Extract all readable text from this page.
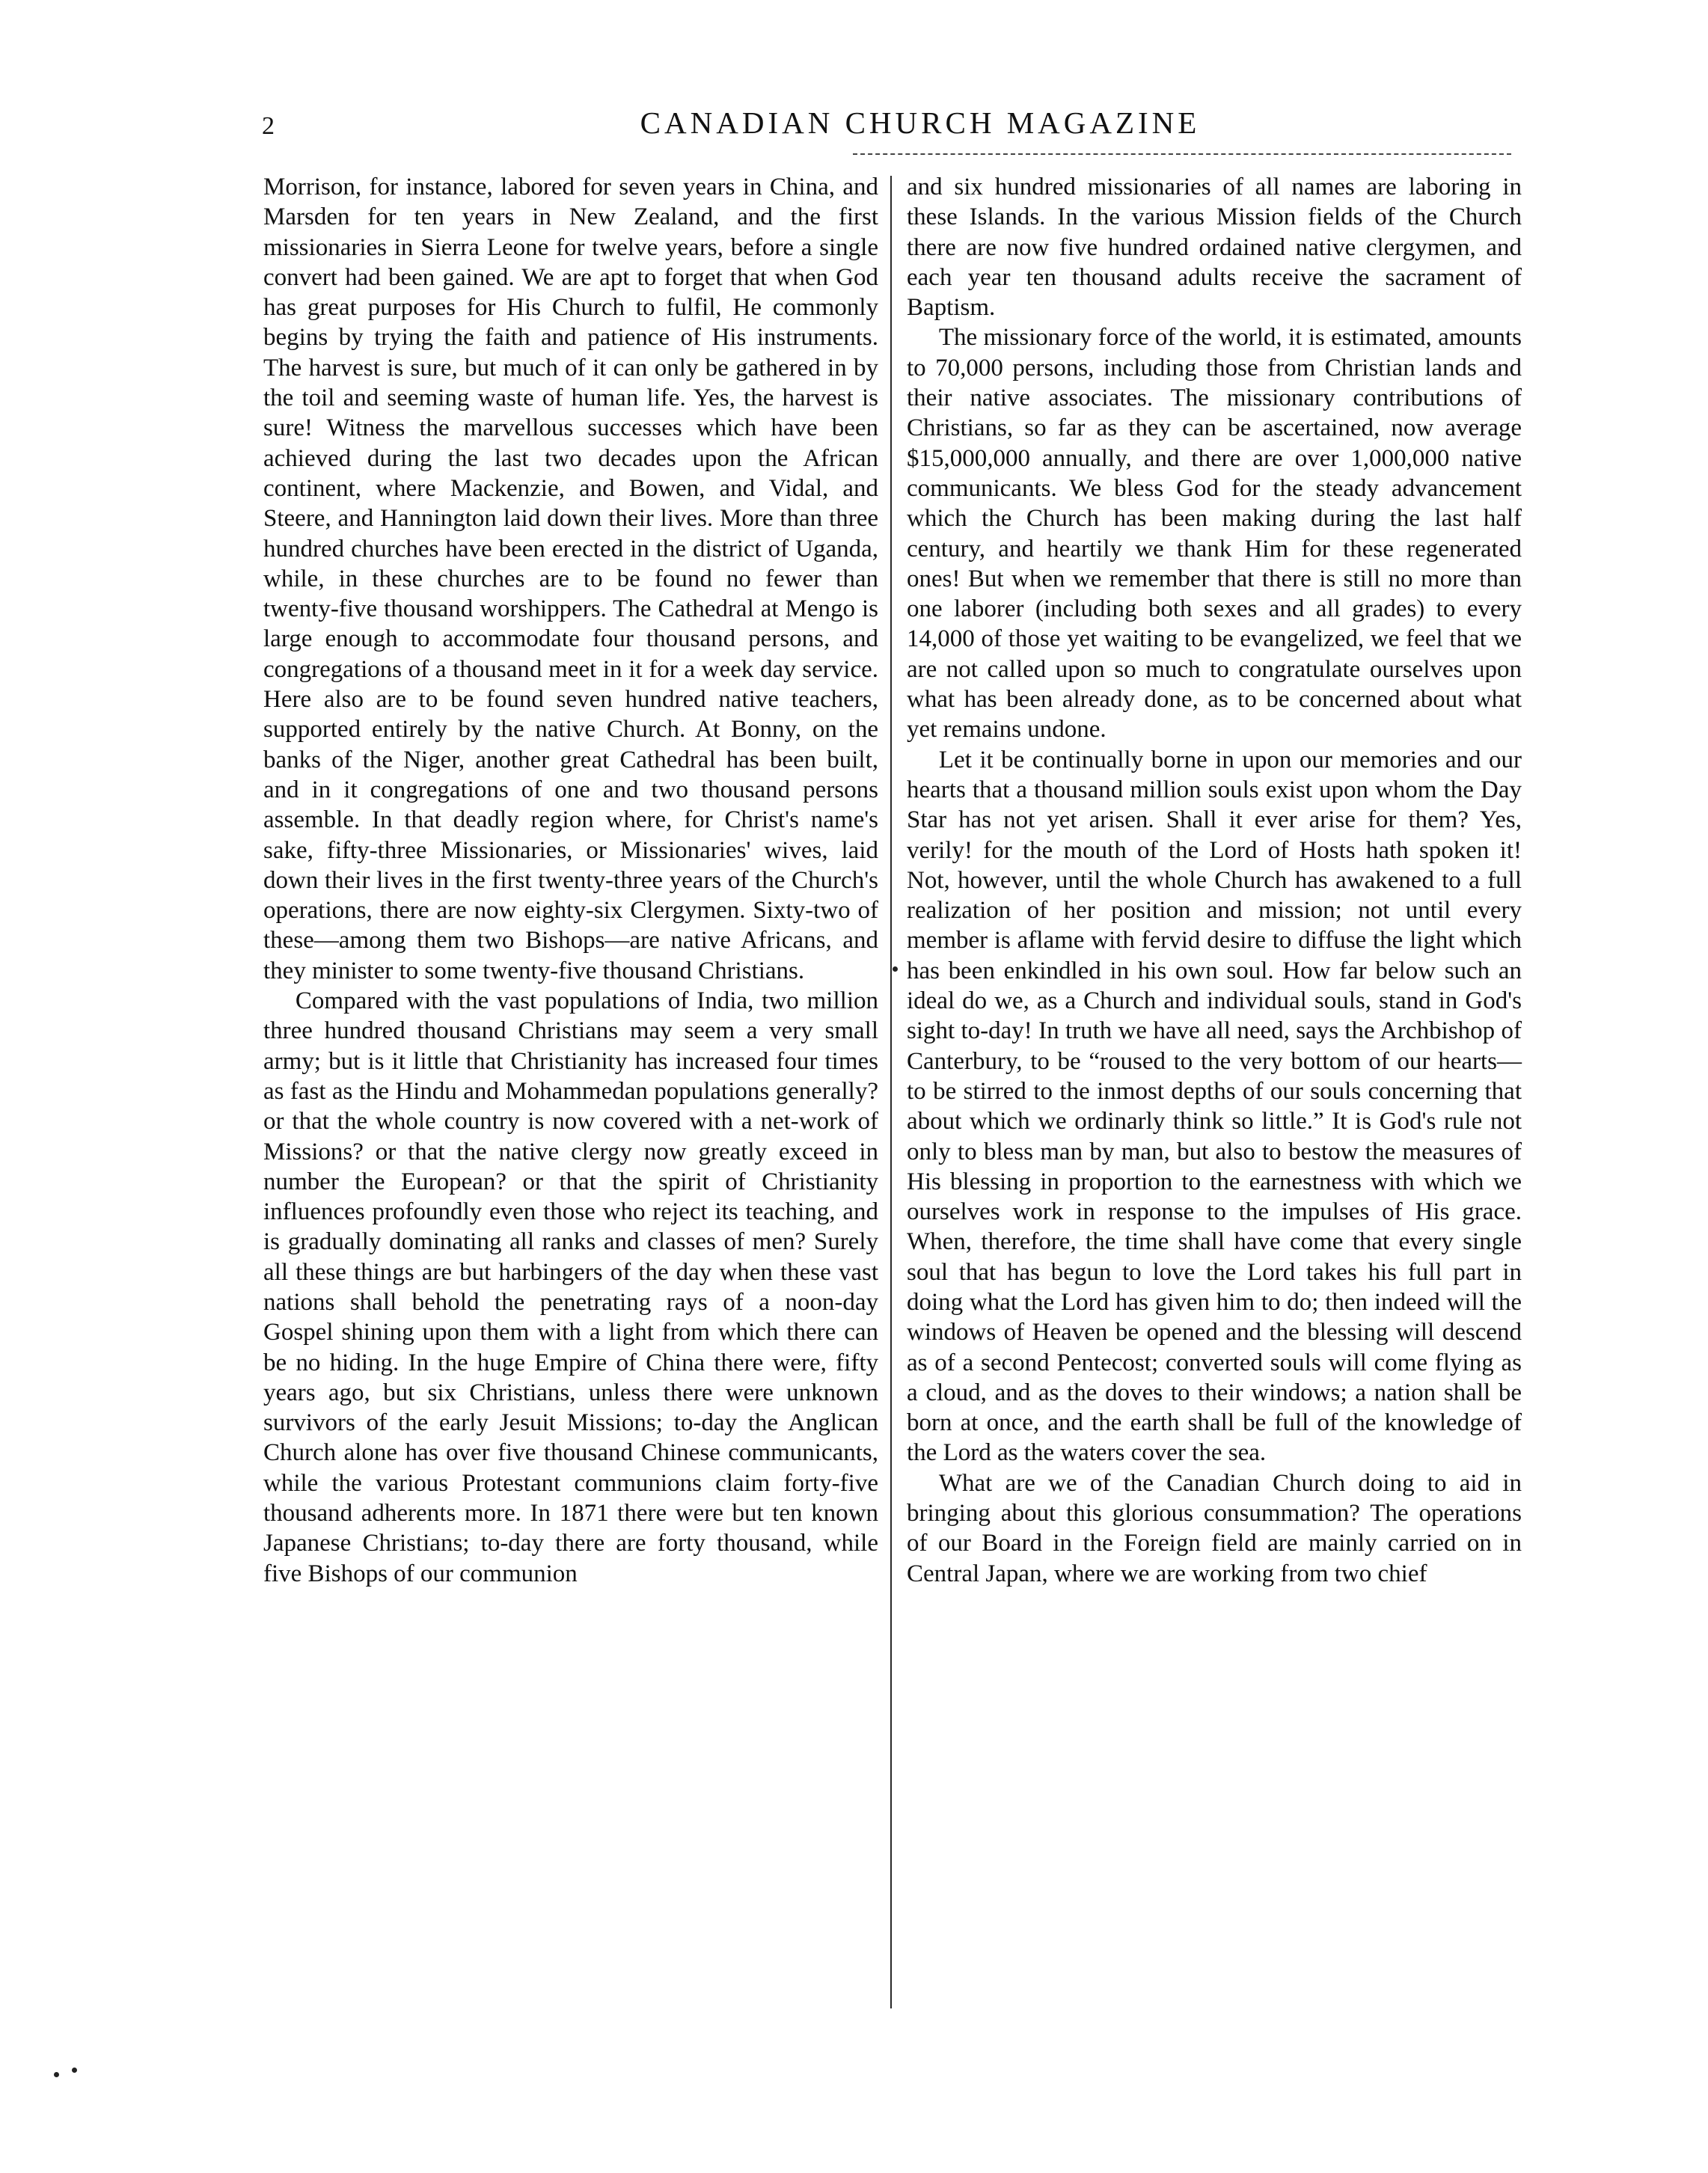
2	CANADIAN CHURCH MAGAZINE

Morrison, for instance, labored for seven years in China, and Marsden for ten years in New Zealand, and the first missionaries in Sierra Leone for twelve years, before a single convert had been gained. We are apt to forget that when God has great purposes for His Church to fulfil, He commonly begins by trying the faith and patience of His instruments. The harvest is sure, but much of it can only be gathered in by the toil and seeming waste of human life. Yes, the harvest is sure! Witness the marvellous successes which have been achieved during the last two decades upon the African continent, where Mackenzie, and Bowen, and Vidal, and Steere, and Hannington laid down their lives. More than three hundred churches have been erected in the district of Uganda, while, in these churches are to be found no fewer than twenty-five thousand worshippers. The Cathedral at Mengo is large enough to accommodate four thousand persons, and congregations of a thousand meet in it for a week day service. Here also are to be found seven hundred native teachers, supported entirely by the native Church. At Bonny, on the banks of the Niger, another great Cathedral has been built, and in it congregations of one and two thousand persons assemble. In that deadly region where, for Christ's name's sake, fifty-three Missionaries, or Missionaries' wives, laid down their lives in the first twenty-three years of the Church's operations, there are now eighty-six Clergymen. Sixty-two of these—among them two Bishops—are native Africans, and they minister to some twenty-five thousand Christians.

Compared with the vast populations of India, two million three hundred thousand Christians may seem a very small army; but is it little that Christianity has increased four times as fast as the Hindu and Mohammedan populations generally? or that the whole country is now covered with a net-work of Missions? or that the native clergy now greatly exceed in number the European? or that the spirit of Christianity influences profoundly even those who reject its teaching, and is gradually dominating all ranks and classes of men? Surely all these things are but harbingers of the day when these vast nations shall behold the penetrating rays of a noon-day Gospel shining upon them with a light from which there can be no hiding. In the huge Empire of China there were, fifty years ago, but six Christians, unless there were unknown survivors of the early Jesuit Missions; to-day the Anglican Church alone has over five thousand Chinese communicants, while the various Protestant communions claim forty-five thousand adherents more. In 1871 there were but ten known Japanese Christians; to-day there are forty thousand, while five Bishops of our communion

and six hundred missionaries of all names are laboring in these Islands. In the various Mission fields of the Church there are now five hundred ordained native clergymen, and each year ten thousand adults receive the sacrament of Baptism.

The missionary force of the world, it is estimated, amounts to 70,000 persons, including those from Christian lands and their native associates. The missionary contributions of Christians, so far as they can be ascertained, now average $15,000,000 annually, and there are over 1,000,000 native communicants. We bless God for the steady advancement which the Church has been making during the last half century, and heartily we thank Him for these regenerated ones! But when we remember that there is still no more than one laborer (including both sexes and all grades) to every 14,000 of those yet waiting to be evangelized, we feel that we are not called upon so much to congratulate ourselves upon what has been already done, as to be concerned about what yet remains undone.

Let it be continually borne in upon our memories and our hearts that a thousand million souls exist upon whom the Day Star has not yet arisen. Shall it ever arise for them? Yes, verily! for the mouth of the Lord of Hosts hath spoken it! Not, however, until the whole Church has awakened to a full realization of her position and mission; not until every member is aflame with fervid desire to diffuse the light which has been enkindled in his own soul. How far below such an ideal do we, as a Church and individual souls, stand in God's sight to-day! In truth we have all need, says the Archbishop of Canterbury, to be “roused to the very bottom of our hearts—to be stirred to the inmost depths of our souls concerning that about which we ordinarly think so little.” It is God's rule not only to bless man by man, but also to bestow the measures of His blessing in proportion to the earnestness with which we ourselves work in response to the impulses of His grace. When, therefore, the time shall have come that every single soul that has begun to love the Lord takes his full part in doing what the Lord has given him to do; then indeed will the windows of Heaven be opened and the blessing will descend as of a second Pentecost; converted souls will come flying as a cloud, and as the doves to their windows; a nation shall be born at once, and the earth shall be full of the knowledge of the Lord as the waters cover the sea.

What are we of the Canadian Church doing to aid in bringing about this glorious consummation? The operations of our Board in the Foreign field are mainly carried on in Central Japan, where we are working from two chief
